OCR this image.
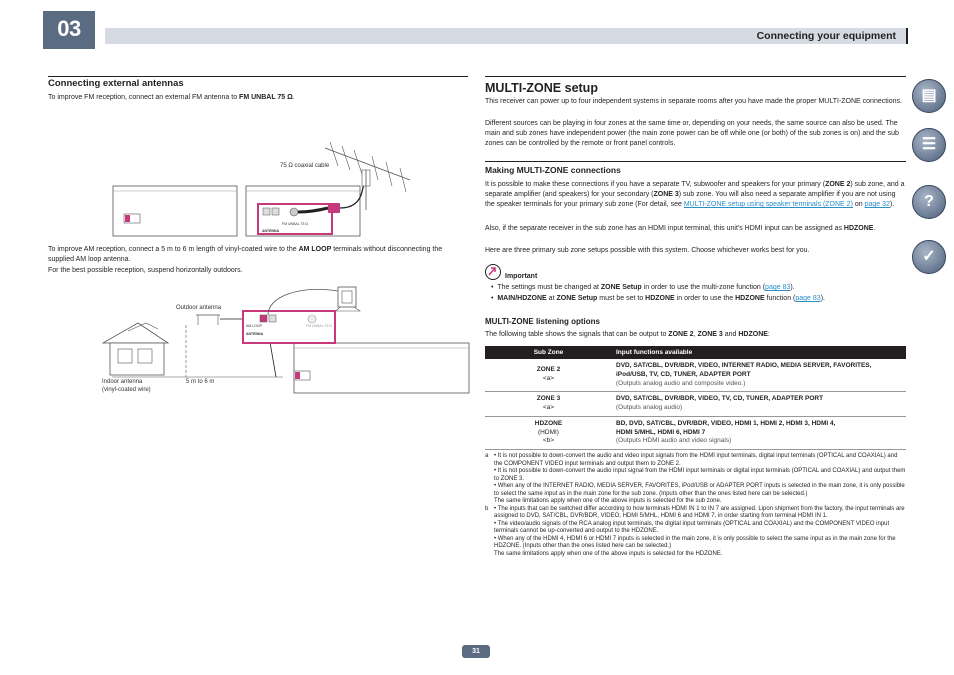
03	Connecting your equipment
Connecting external antennas
To improve FM reception, connect an external FM antenna to FM UNBAL 75 Ω.
FM UNBAL 75 Ω
ANTENNA
75 Ω coaxial cable
To improve AM reception, connect a 5 m to 6 m length of vinyl-coated wire to the AM LOOP terminals without disconnecting the supplied AM loop antenna.
For the best possible reception, suspend horizontally outdoors.
Outdoor antenna
Indoor antenna
(vinyl-coated wire)
5 m to 6 m
AM LOOP	FM UNBAL 75 Ω
ANTENNA
MULTI-ZONE setup
This receiver can power up to four independent systems in separate rooms after you have made the proper MULTI-ZONE connections.
Different sources can be playing in four zones at the same time or, depending on your needs, the same source can also be used. The main and sub zones have independent power (the main zone power can be off while one (or both) of the sub zones is on) and the sub zones can be controlled by the remote or front panel controls.
Making MULTI-ZONE connections
It is possible to make these connections if you have a separate TV, subwoofer and speakers for your primary (ZONE 2) sub zone, and a separate amplifier (and speakers) for your secondary (ZONE 3) sub zone. You will also need a separate amplifier if you are not using the speaker terminals for your primary sub zone (For detail, see MULTI-ZONE setup using speaker terminals (ZONE 2) on page 32).
Also, if the separate receiver in the sub zone has an HDMI input terminal, this unit's HDMI input can be assigned as HDZONE.
Here are three primary sub zone setups possible with this system. Choose whichever works best for you.
Important
•  The settings must be changed at ZONE Setup in order to use the multi-zone function (page 83).
•  MAIN/HDZONE at ZONE Setup must be set to HDZONE in order to use the HDZONE function (page 83).
MULTI-ZONE listening options
The following table shows the signals that can be output to ZONE 2, ZONE 3 and HDZONE:
Sub Zone	Input functions available
ZONE 2
<a>	DVD, SAT/CBL, DVR/BDR, VIDEO, INTERNET RADIO, MEDIA SERVER, FAVORITES,
iPod/USB, TV, CD, TUNER, ADAPTER PORT
(Outputs analog audio and composite video.)
ZONE 3
<a>	DVD, SAT/CBL, DVR/BDR, VIDEO, TV, CD, TUNER, ADAPTER PORT
(Outputs analog audio)
HDZONE
(HDMI)
<b>	BD, DVD, SAT/CBL, DVR/BDR, VIDEO, HDMI 1, HDMI 2, HDMI 3, HDMI 4,
HDMI 5/MHL, HDMI 6, HDMI 7
(Outputs HDMI audio and video signals)
a • It is not possible to down-convert the audio and video input signals from the HDMI input terminals, digital input terminals (OPTICAL and COAXIAL) and the COMPONENT VIDEO input terminals and output them to ZONE 2.
• It is not possible to down-convert the audio input signal from the HDMI input terminals or digital input terminals (OPTICAL and COAXIAL) and output them to ZONE 3.
• When any of the INTERNET RADIO, MEDIA SERVER, FAVORITES, iPod/USB or ADAPTER PORT inputs is selected in the main zone, it is only possible to select the same input as in the main zone for the sub zone. (Inputs other than the ones listed here can be selected.)
The same limitations apply when one of the above inputs is selected for the sub zone.
b • The inputs that can be switched differ according to how terminals HDMI IN 1 to IN 7 are assigned. Lipon shipment from the factory, the input terminals are assigned to DVD, SAT/CBL, DVR/BDR, VIDEO, HDMI 5/MHL, HDMI 6 and HDMI 7, in order starting from terminal HDMI IN 1.
• The video/audio signals of the RCA analog input terminals, the digital input terminals (OPTICAL and COAXIAL) and the COMPONENT VIDEO input terminals cannot be up-converted and output to the HDZONE.
• When any of the HDMI 4, HDMI 6 or HDMI 7 inputs is selected in the main zone, it is only possible to select the same input as in the main zone for the HDZONE. (Inputs other than the ones listed here can be selected.)
The same limitations apply when one of the above inputs is selected for the HDZONE.
▤
☰
?
✓
31
